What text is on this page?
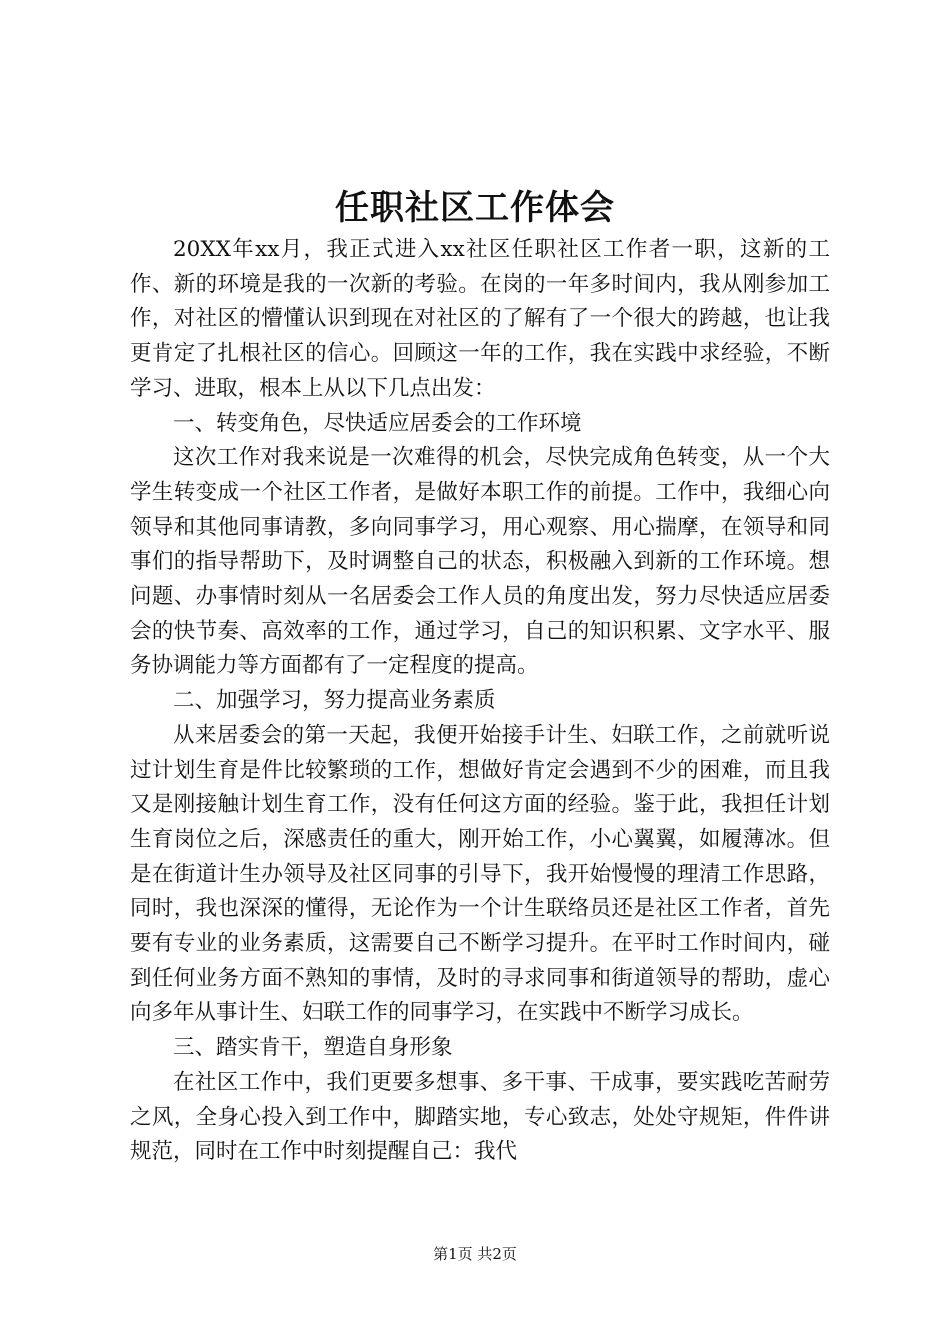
任职社区工作体会

20XX年xx月，我正式进入xx社区任职社区工作者一职，这新的工作、新的环境是我的一次新的考验。在岗的一年多时间内，我从刚参加工作，对社区的懵懂认识到现在对社区的了解有了一个很大的跨越，也让我更肯定了扎根社区的信心。回顾这一年的工作，我在实践中求经验，不断学习、进取，根本上从以下几点出发：

一、转变角色，尽快适应居委会的工作环境

这次工作对我来说是一次难得的机会，尽快完成角色转变，从一个大学生转变成一个社区工作者，是做好本职工作的前提。工作中，我细心向领导和其他同事请教，多向同事学习，用心观察、用心揣摩，在领导和同事们的指导帮助下，及时调整自己的状态，积极融入到新的工作环境。想问题、办事情时刻从一名居委会工作人员的角度出发，努力尽快适应居委会的快节奏、高效率的工作，通过学习，自己的知识积累、文字水平、服务协调能力等方面都有了一定程度的提高。

二、加强学习，努力提高业务素质

从来居委会的第一天起，我便开始接手计生、妇联工作，之前就听说过计划生育是件比较繁琐的工作，想做好肯定会遇到不少的困难，而且我又是刚接触计划生育工作，没有任何这方面的经验。鉴于此，我担任计划生育岗位之后，深感责任的重大，刚开始工作，小心翼翼，如履薄冰。但是在街道计生办领导及社区同事的引导下，我开始慢慢的理清工作思路，同时，我也深深的懂得，无论作为一个计生联络员还是社区工作者，首先要有专业的业务素质，这需要自己不断学习提升。在平时工作时间内，碰到任何业务方面不熟知的事情，及时的寻求同事和街道领导的帮助，虚心向多年从事计生、妇联工作的同事学习，在实践中不断学习成长。

三、踏实肯干，塑造自身形象

在社区工作中，我们更要多想事、多干事、干成事，要实践吃苦耐劳之风，全身心投入到工作中，脚踏实地，专心致志，处处守规矩，件件讲规范，同时在工作中时刻提醒自己：我代

第1页 共2页
